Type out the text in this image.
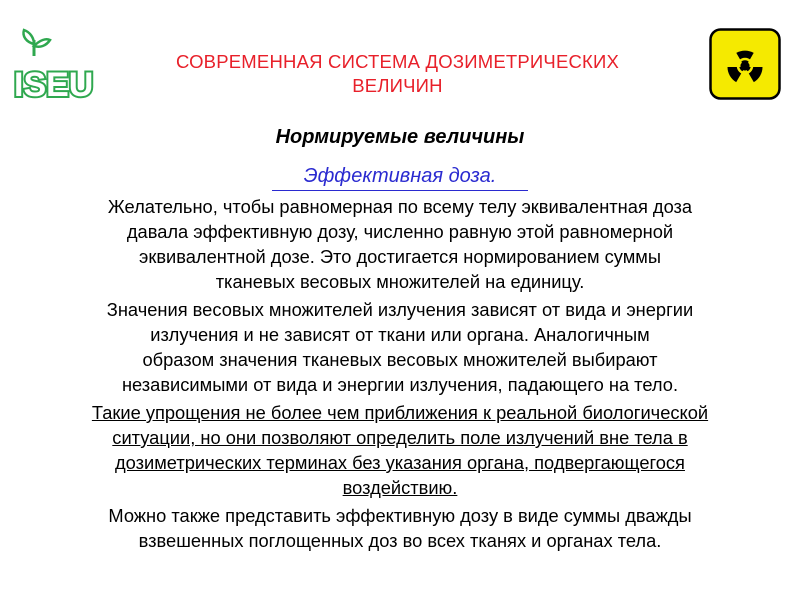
ISEU
СОВРЕМЕННАЯ СИСТЕМА ДОЗИМЕТРИЧЕСКИХ
ВЕЛИЧИН
Нормируемые величины
Эффективная доза.

Желательно, чтобы равномерная по всему телу эквивалентная доза
давала эффективную дозу, численно равную этой равномерной
эквивалентной дозе. Это достигается нормированием суммы
тканевых весовых множителей на единицу.

Значения весовых множителей излучения зависят от вида и энергии
излучения и не зависят от ткани или органа. Аналогичным
образом значения тканевых весовых множителей выбирают
независимыми от вида и энергии излучения, падающего на тело.

Такие упрощения не более чем приближения к реальной биологической
ситуации, но они позволяют определить поле излучений вне тела в
дозиметрических терминах без указания органа, подвергающегося
воздействию.

Можно также представить эффективную дозу в виде суммы дважды
взвешенных поглощенных доз во всех тканях и органах тела.
